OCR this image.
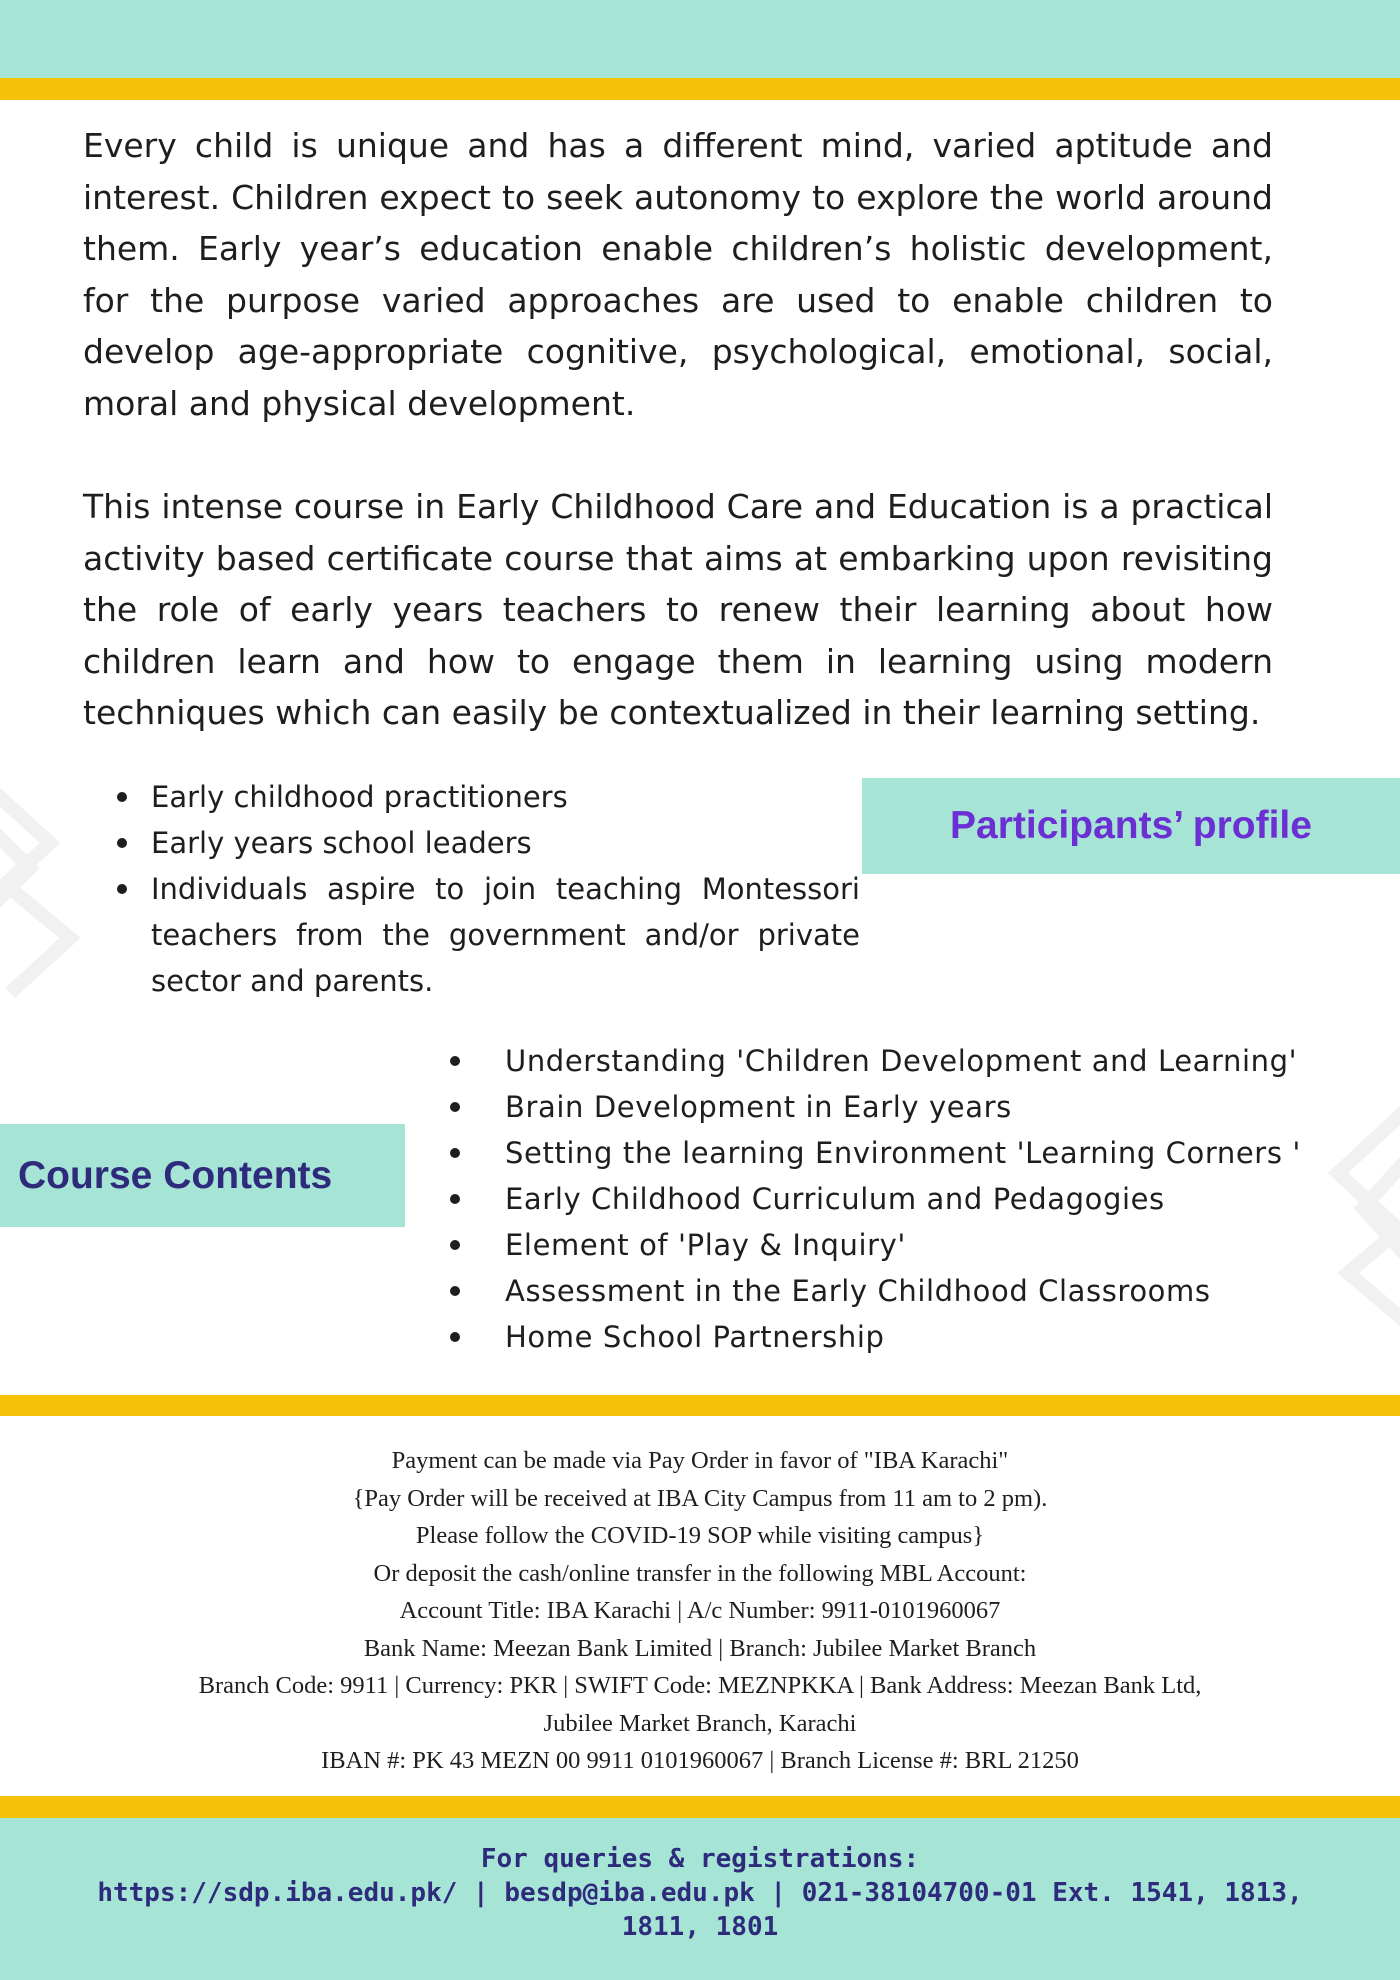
Every child is unique and has a different mind, varied aptitude and interest. Children expect to seek autonomy to explore the world around them. Early year’s education enable children’s holistic development, for the purpose varied approaches are used to enable children to develop age-appropriate cognitive, psychological, emotional, social, moral and physical development.

This intense course in Early Childhood Care and Education is a practical activity based certificate course that aims at embarking upon revisiting the role of early years teachers to renew their learning about how children learn and how to engage them in learning using modern techniques which can easily be contextualized in their learning setting.

Early childhood practitioners
Early years school leaders
Individuals aspire to join teaching Montessori teachers from the government and/or private sector and parents.
Participants’ profile
Course Contents
Understanding 'Children Development and Learning'
Brain Development in Early years
Setting the learning Environment 'Learning Corners '
Early Childhood Curriculum and Pedagogies
Element of 'Play & Inquiry'
Assessment in the Early Childhood Classrooms
Home School Partnership
Payment can be made via Pay Order in favor of "IBA Karachi"
{Pay Order will be received at IBA City Campus from 11 am to 2 pm).
Please follow the COVID-19 SOP while visiting campus}
Or deposit the cash/online transfer in the following MBL Account:
Account Title: IBA Karachi | A/c Number: 9911-0101960067
Bank Name: Meezan Bank Limited | Branch: Jubilee Market Branch
Branch Code: 9911 | Currency: PKR | SWIFT Code: MEZNPKKA | Bank Address: Meezan Bank Ltd,
Jubilee Market Branch, Karachi
IBAN #: PK 43 MEZN 00 9911 0101960067 | Branch License #: BRL 21250
For queries & registrations:
https://sdp.iba.edu.pk/ | besdp@iba.edu.pk | 021-38104700-01 Ext. 1541, 1813,
1811, 1801
